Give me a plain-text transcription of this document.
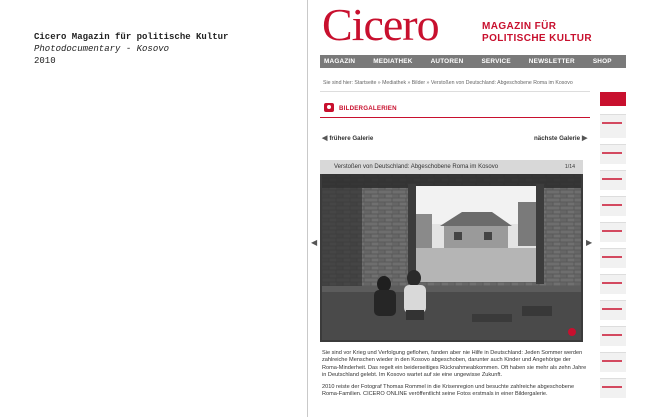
Cicero Magazin für politische Kultur
Photodocumentary - Kosovo
2010
Cicero	MAGAZIN FÜR
POLITISCHE KULTUR
MAGAZIN	MEDIATHEK	AUTOREN	SERVICE	NEWSLETTER	SHOP	ABO
Sie sind hier: Startseite » Mediathek » Bilder » Verstoßen von Deutschland: Abgeschobene Roma im Kosovo
BILDERGALERIEN
◀ frühere Galerie	nächste Galerie ▶
◀	▶
Verstoßen von Deutschland: Abgeschobene Roma im Kosovo	1/14

Sie sind vor Krieg und Verfolgung geflohen, fanden aber nie Hilfe in Deutschland: Jeden Sommer werden zahlreiche Menschen wieder in den Kosovo abgeschoben, darunter auch Kinder und Angehörige der Roma-Minderheit. Das regelt ein beiderseitiges Rücknahmeabkommen. Oft haben sie mehr als zehn Jahre in Deutschland gelebt. Im Kosovo wartet auf sie eine ungewisse Zukunft.

2010 reiste der Fotograf Thomas Rommel in die Krisenregion und besuchte zahlreiche abgeschobene Roma-Familien. CICERO ONLINE veröffentlicht seine Fotos erstmals in einer Bildergalerie.
